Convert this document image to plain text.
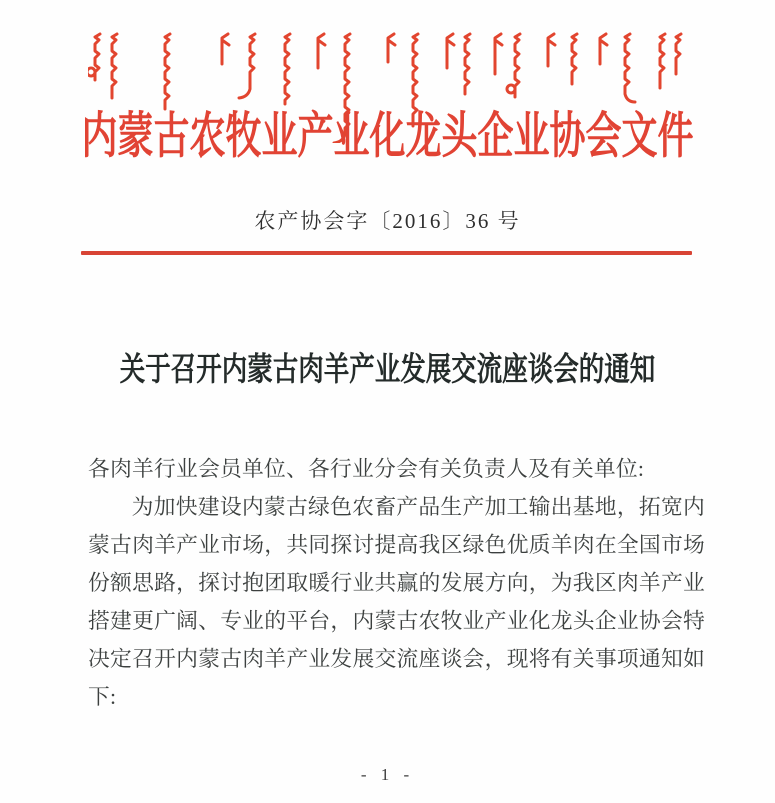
内蒙古农牧业产业化龙头企业协会文件
农产协会字〔2016〕36 号
关于召开内蒙古肉羊产业发展交流座谈会的通知

各肉羊行业会员单位、各行业分会有关负责人及有关单位:

为加快建设内蒙古绿色农畜产品生产加工输出基地，拓宽内蒙古肉羊产业市场，共同探讨提高我区绿色优质羊肉在全国市场份额思路，探讨抱团取暖行业共赢的发展方向，为我区肉羊产业搭建更广阔、专业的平台，内蒙古农牧业产业化龙头企业协会特决定召开内蒙古肉羊产业发展交流座谈会，现将有关事项通知如下:

- 1 -
